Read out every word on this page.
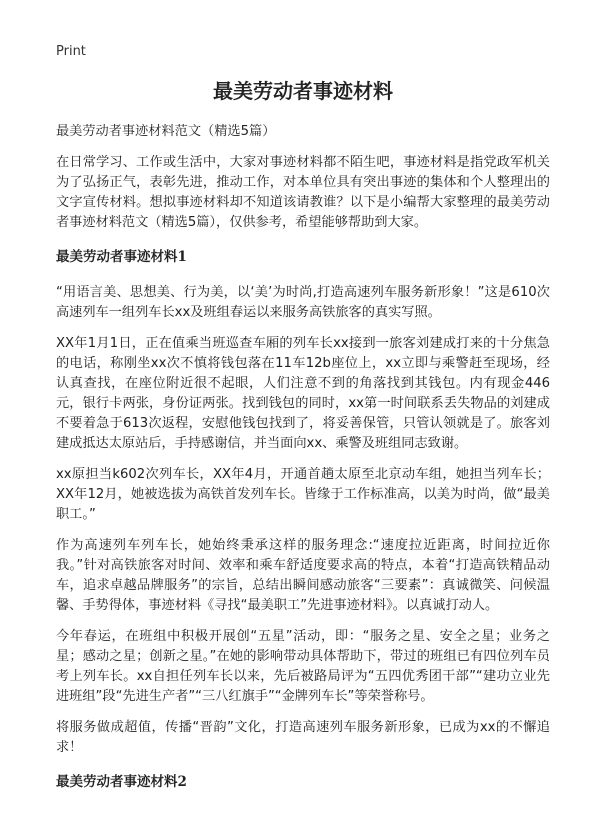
Print
最美劳动者事迹材料

最美劳动者事迹材料范文（精选5篇）

在日常学习、工作或生活中，大家对事迹材料都不陌生吧，事迹材料是指党政军机关为了弘扬正气，表彰先进，推动工作，对本单位具有突出事迹的集体和个人整理出的文字宣传材料。想拟事迹材料却不知道该请教谁？以下是小编帮大家整理的最美劳动者事迹材料范文（精选5篇），仅供参考，希望能够帮助到大家。

最美劳动者事迹材料1

“用语言美、思想美、行为美，以‘美’为时尚,打造高速列车服务新形象！”这是610次高速列车一组列车长xx及班组春运以来服务高铁旅客的真实写照。

XX年1月1日，正在值乘当班巡查车厢的列车长xx接到一旅客刘建成打来的十分焦急的电话，称刚坐xx次不慎将钱包落在11车12b座位上，xx立即与乘警赶至现场，经认真查找，在座位附近很不起眼，人们注意不到的角落找到其钱包。内有现金446元，银行卡两张，身份证两张。找到钱包的同时，xx第一时间联系丢失物品的刘建成不要着急于613次返程，安慰他钱包找到了，将妥善保管，只管认领就是了。旅客刘建成抵达太原站后，手持感谢信，并当面向xx、乘警及班组同志致谢。

xx原担当k602次列车长，XX年4月，开通首趟太原至北京动车组，她担当列车长；XX年12月，她被选拔为高铁首发列车长。皆缘于工作标准高，以美为时尚，做“最美职工。”

作为高速列车列车长，她始终秉承这样的服务理念:“速度拉近距离，时间拉近你我。”针对高铁旅客对时间、效率和乘车舒适度要求高的特点，本着“打造高铁精品动车，追求卓越品牌服务”的宗旨，总结出瞬间感动旅客“三要素”：真诚微笑、问候温馨、手势得体，事迹材料《寻找“最美职工”先进事迹材料》。以真诚打动人。

今年春运，在班组中积极开展创“五星”活动，即：“服务之星、安全之星；业务之星；感动之星；创新之星。”在她的影响带动具体帮助下，带过的班组已有四位列车员考上列车长。xx自担任列车长以来，先后被路局评为“五四优秀团干部”“建功立业先进班组”段“先进生产者”“三八红旗手”“金牌列车长”等荣誉称号。

将服务做成超值，传播“晋韵”文化，打造高速列车服务新形象，已成为xx的不懈追求！

最美劳动者事迹材料2
